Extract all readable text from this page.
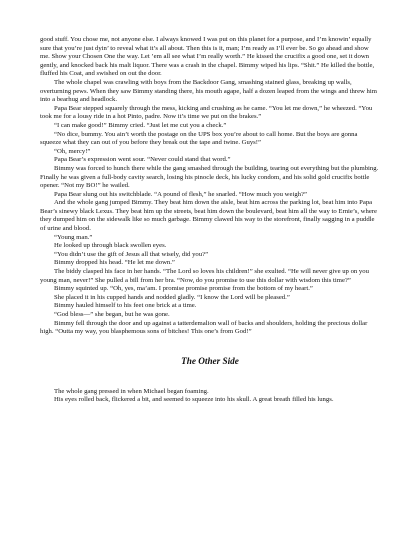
good stuff. You chose me, not anyone else. I always knowed I was put on this planet for a purpose, and I’m knowin’ equally sure that you’re just dyin’ to reveal what it’s all about. Then this is it, man; I’m ready as I’ll ever be. So go ahead and show me. Show your Chosen One the way. Let ’em all see what I’m really worth.” He kissed the crucifix a good one, set it down gently, and knocked back his malt liquor. There was a crash in the chapel. Bimmy wiped his lips. “Shit.” He killed the bottle, fluffed his Coat, and swished on out the door.

The whole chapel was crawling with boys from the Backdoor Gang, smashing stained glass, breaking up walls, overturning pews. When they saw Bimmy standing there, his mouth agape, half a dozen leaped from the wings and threw him into a bearhug and headlock.

Papa Bear stepped squarely through the mess, kicking and crushing as he came. “You let me down,” he wheezed. “You took me for a lousy ride in a hot Pinto, padre. Now it’s time we put on the brakes.”

“I can make good!” Bimmy cried. “Just let me cut you a check.”

“No dice, bummy. You ain’t worth the postage on the UPS box you’re about to call home. But the boys are gonna squeeze what they can out of you before they break out the tape and twine. Guys!”

“Oh, mercy!”

Papa Bear’s expression went sour. “Never could stand that word.”

Bimmy was forced to hunch there while the gang smashed through the building, tearing out everything but the plumbing. Finally he was given a full-body cavity search, losing his pinocle deck, his lucky condom, and his solid gold crucifix bottle opener. “Not my BO!” he wailed.

Papa Bear slung out his switchblade. “A pound of flesh,” he snarled. “How much you weigh?”

And the whole gang jumped Bimmy. They beat him down the aisle, beat him across the parking lot, beat him into Papa Bear’s sinewy black Lexus. They beat him up the streets, beat him down the boulevard, beat him all the way to Ernie’s, where they dumped him on the sidewalk like so much garbage. Bimmy clawed his way to the storefront, finally sagging in a puddle of urine and blood.

“Young man.”

He looked up through black swollen eyes.

“You didn’t use the gift of Jesus all that wisely, did you?”

Bimmy dropped his head. “He let me down.”

The biddy clasped his face in her hands. “The Lord so loves his children!” she exulted. “He will never give up on you young man, never!” She pulled a bill from her bra. “Now, do you promise to use this dollar with wisdom this time?”

Bimmy squinted up. “Oh, yes, ma’am. I promise promise promise from the bottom of my heart.”

She placed it in his cupped hands and nodded gladly. “I know the Lord will be pleased.”

Bimmy hauled himself to his feet one brick at a time.

“God bless—” she began, but he was gone.

Bimmy fell through the door and up against a tatterdemalion wall of backs and shoulders, holding the precious dollar high. “Outta my way, you blasphemous sons of bitches! This one’s from God!”

The Other Side

The whole gang pressed in when Michael began foaming.

His eyes rolled back, flickered a bit, and seemed to squeeze into his skull. A great breath filled his lungs.
